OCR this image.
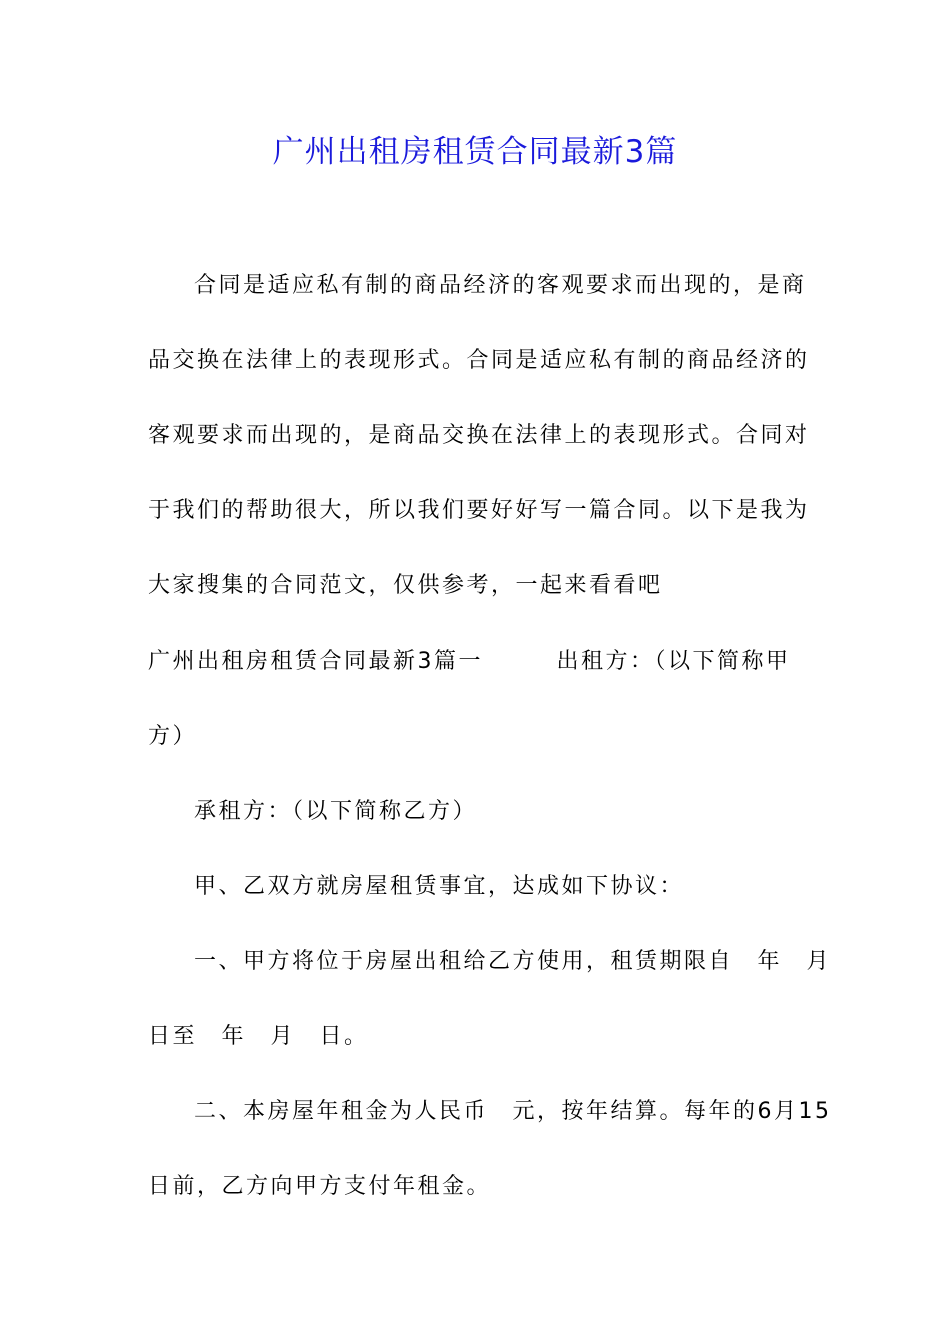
广州出租房租赁合同最新3篇

合同是适应私有制的商品经济的客观要求而出现的，是商

品交换在法律上的表现形式。合同是适应私有制的商品经济的

客观要求而出现的，是商品交换在法律上的表现形式。合同对

于我们的帮助很大，所以我们要好好写一篇合同。以下是我为

大家搜集的合同范文，仅供参考，一起来看看吧

广州出租房租赁合同最新3篇一　　　出租方：（以下简称甲

方）

承租方：（以下简称乙方）

甲、乙双方就房屋租赁事宜，达成如下协议：

一、甲方将位于房屋出租给乙方使用，租赁期限自　年　月

日至　年　月　日。

二、本房屋年租金为人民币　元，按年结算。每年的6月15

日前，乙方向甲方支付年租金。
